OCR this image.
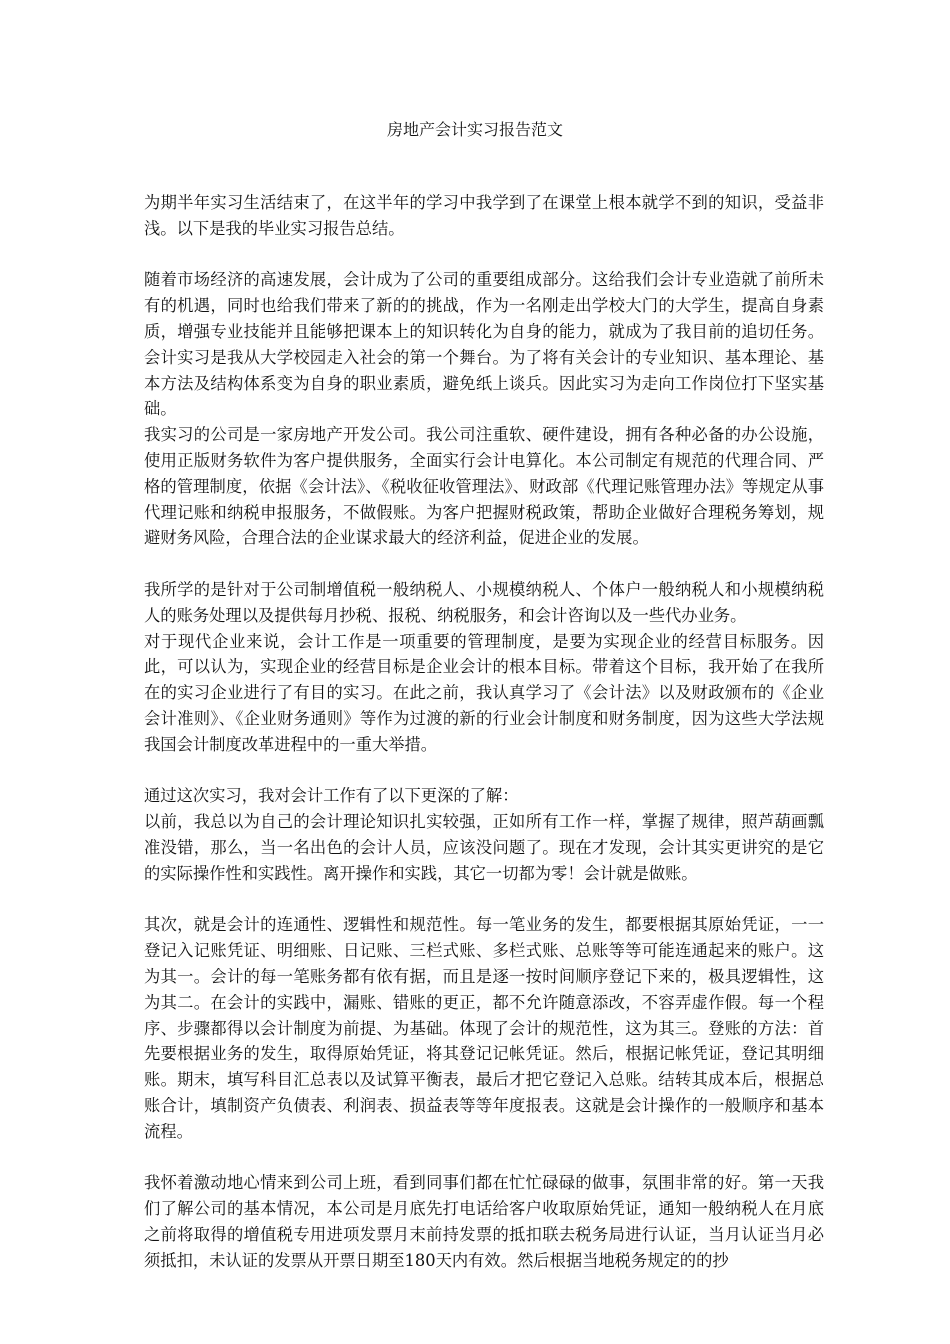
房地产会计实习报告范文

为期半年实习生活结束了，在这半年的学习中我学到了在课堂上根本就学不到的知识，受益非浅。以下是我的毕业实习报告总结。

随着市场经济的高速发展，会计成为了公司的重要组成部分。这给我们会计专业造就了前所未有的机遇，同时也给我们带来了新的的挑战，作为一名刚走出学校大门的大学生，提高自身素质，增强专业技能并且能够把课本上的知识转化为自身的能力，就成为了我目前的追切任务。会计实习是我从大学校园走入社会的第一个舞台。为了将有关会计的专业知识、基本理论、基本方法及结构体系变为自身的职业素质，避免纸上谈兵。因此实习为走向工作岗位打下坚实基础。

我实习的公司是一家房地产开发公司。我公司注重软、硬件建设，拥有各种必备的办公设施，使用正版财务软件为客户提供服务，全面实行会计电算化。本公司制定有规范的代理合同、严格的管理制度，依据《会计法》、《税收征收管理法》、财政部《代理记账管理办法》等规定从事代理记账和纳税申报服务，不做假账。为客户把握财税政策，帮助企业做好合理税务筹划，规避财务风险，合理合法的企业谋求最大的经济利益，促进企业的发展。

我所学的是针对于公司制增值税一般纳税人、小规模纳税人、个体户一般纳税人和小规模纳税人的账务处理以及提供每月抄税、报税、纳税服务，和会计咨询以及一些代办业务。

对于现代企业来说，会计工作是一项重要的管理制度，是要为实现企业的经营目标服务。因此，可以认为，实现企业的经营目标是企业会计的根本目标。带着这个目标，我开始了在我所在的实习企业进行了有目的实习。在此之前，我认真学习了《会计法》以及财政颁布的《企业会计准则》、《企业财务通则》等作为过渡的新的行业会计制度和财务制度，因为这些大学法规我国会计制度改革进程中的一重大举措。

通过这次实习，我对会计工作有了以下更深的了解：

以前，我总以为自己的会计理论知识扎实较强，正如所有工作一样，掌握了规律，照芦葫画瓢准没错，那么，当一名出色的会计人员，应该没问题了。现在才发现，会计其实更讲究的是它的实际操作性和实践性。离开操作和实践，其它一切都为零！会计就是做账。

其次，就是会计的连通性、逻辑性和规范性。每一笔业务的发生，都要根据其原始凭证，一一登记入记账凭证、明细账、日记账、三栏式账、多栏式账、总账等等可能连通起来的账户。这为其一。会计的每一笔账务都有依有据，而且是逐一按时间顺序登记下来的，极具逻辑性，这为其二。在会计的实践中，漏账、错账的更正，都不允许随意添改，不容弄虚作假。每一个程序、步骤都得以会计制度为前提、为基础。体现了会计的规范性，这为其三。登账的方法：首先要根据业务的发生，取得原始凭证，将其登记记帐凭证。然后，根据记帐凭证，登记其明细账。期末，填写科目汇总表以及试算平衡表，最后才把它登记入总账。结转其成本后，根据总账合计，填制资产负债表、利润表、损益表等等年度报表。这就是会计操作的一般顺序和基本流程。

我怀着激动地心情来到公司上班，看到同事们都在忙忙碌碌的做事，氛围非常的好。第一天我们了解公司的基本情况，本公司是月底先打电话给客户收取原始凭证，通知一般纳税人在月底之前将取得的增值税专用进项发票月末前持发票的抵扣联去税务局进行认证，当月认证当月必须抵扣，未认证的发票从开票日期至180天内有效。然后根据当地税务规定的的抄
